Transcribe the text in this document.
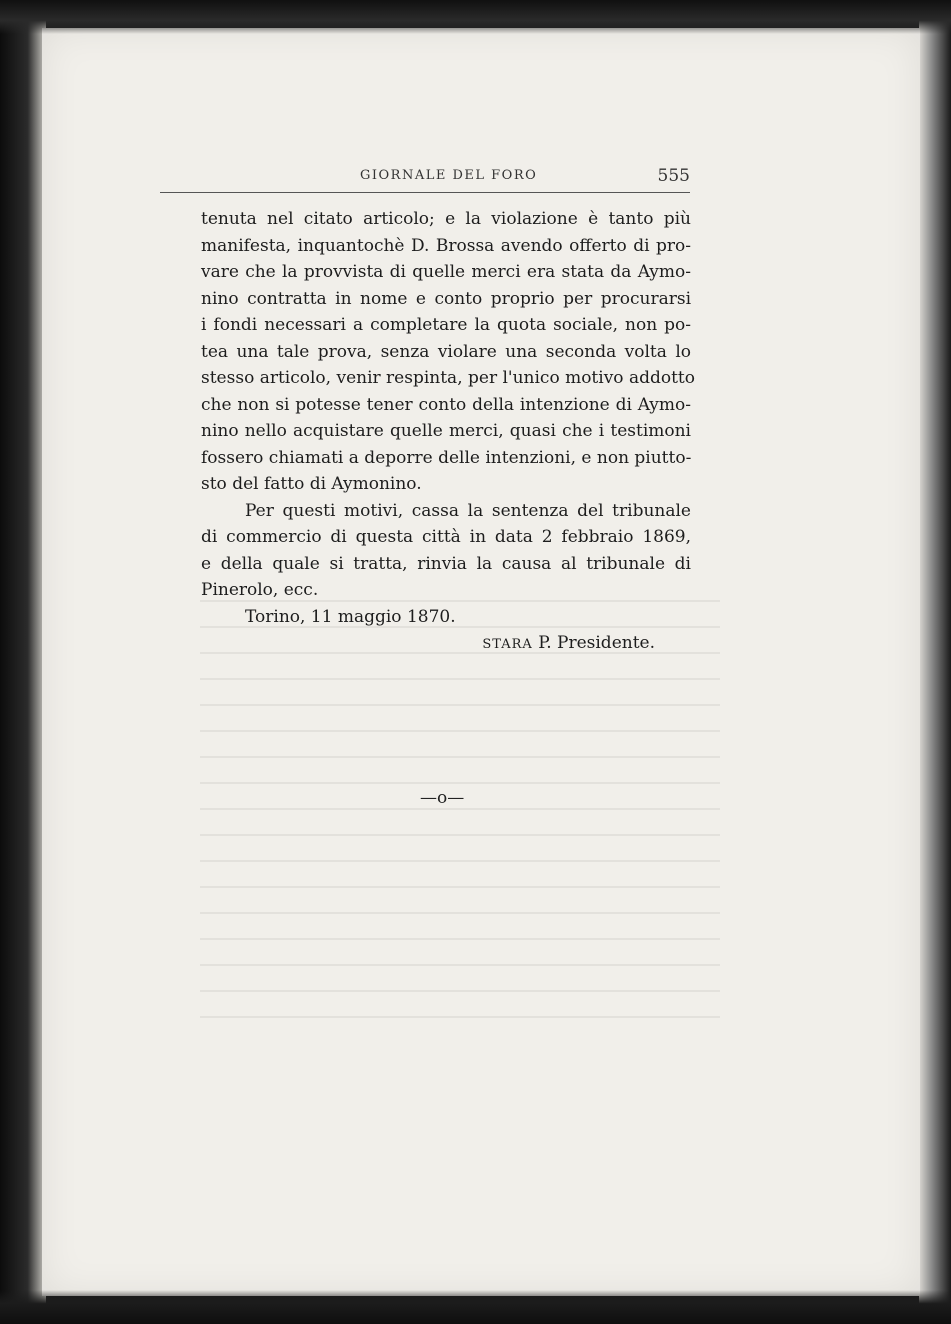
GIORNALE DEL FORO	555
tenuta nel citato articolo; e la violazione è tanto più
manifesta, inquantochè D. Brossa avendo offerto di pro-
vare che la provvista di quelle merci era stata da Aymo-
nino contratta in nome e conto proprio per procurarsi
i fondi necessari a completare la quota sociale, non po-
tea una tale prova, senza violare una seconda volta lo
stesso articolo, venir respinta, per l'unico motivo addotto
che non si potesse tener conto della intenzione di Aymo-
nino nello acquistare quelle merci, quasi che i testimoni
fossero chiamati a deporre delle intenzioni, e non piutto-
sto del fatto di Aymonino.
Per questi motivi, cassa la sentenza del tribunale
di commercio di questa città in data 2 febbraio 1869,
e della quale si tratta, rinvia la causa al tribunale di
Pinerolo, ecc.
Torino, 11 maggio 1870.
STARA P. Presidente.
—o—
